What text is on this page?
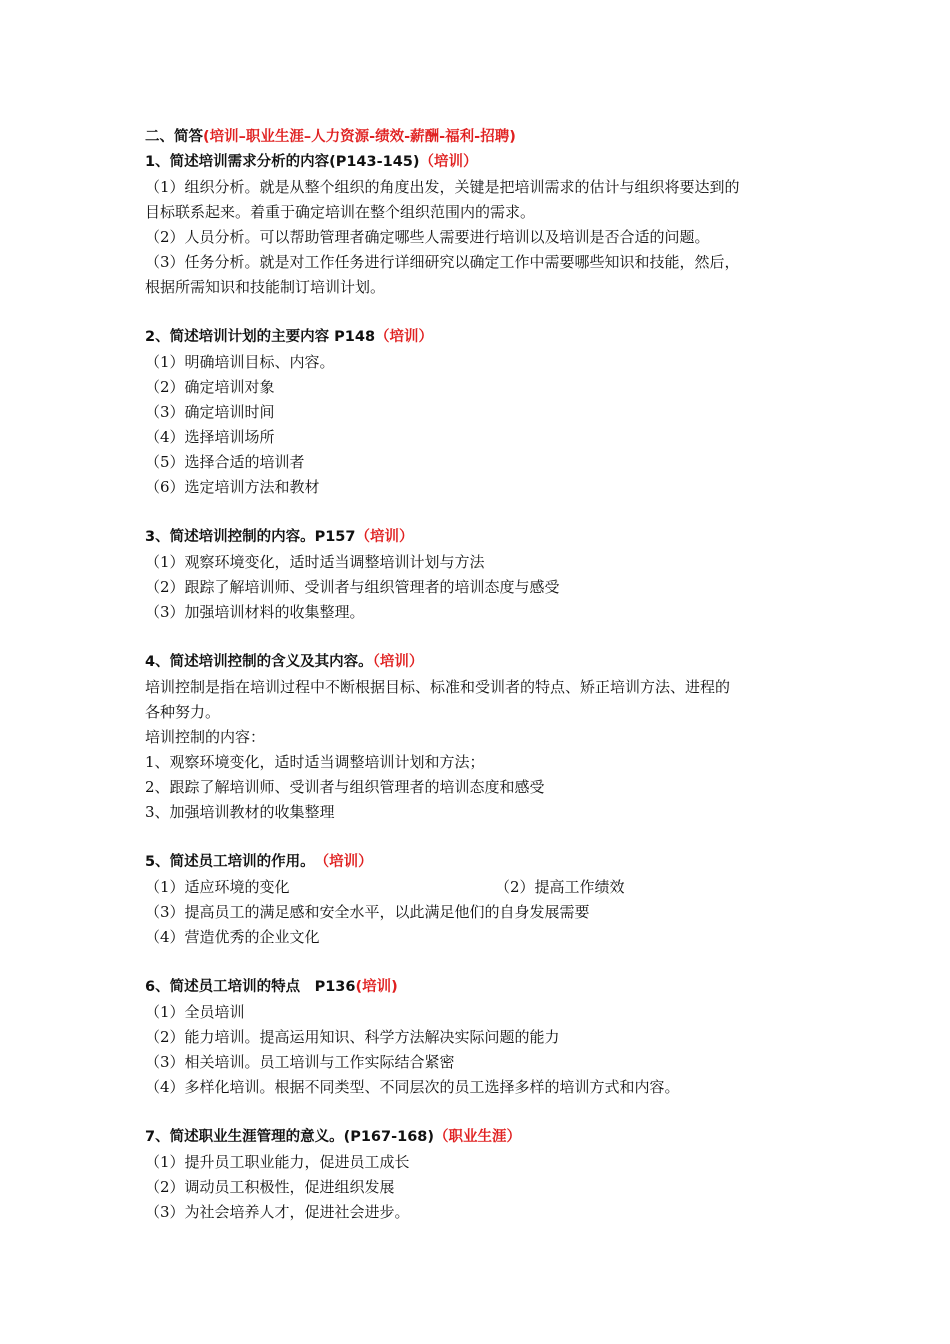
二、简答(培训–职业生涯–人力资源-绩效-薪酬-福利-招聘)
1、简述培训需求分析的内容(P143-145)（培训）
（1）组织分析。就是从整个组织的角度出发，关键是把培训需求的估计与组织将要达到的
目标联系起来。着重于确定培训在整个组织范围内的需求。
（2）人员分析。可以帮助管理者确定哪些人需要进行培训以及培训是否合适的问题。
（3）任务分析。就是对工作任务进行详细研究以确定工作中需要哪些知识和技能，然后，
根据所需知识和技能制订培训计划。
2、简述培训计划的主要内容 P148（培训）
（1）明确培训目标、内容。
（2）确定培训对象
（3）确定培训时间
（4）选择培训场所
（5）选择合适的培训者
（6）选定培训方法和教材
3、简述培训控制的内容。P157（培训）
（1）观察环境变化，适时适当调整培训计划与方法
（2）跟踪了解培训师、受训者与组织管理者的培训态度与感受
（3）加强培训材料的收集整理。
4、简述培训控制的含义及其内容。（培训）
培训控制是指在培训过程中不断根据目标、标准和受训者的特点、矫正培训方法、进程的
各种努力。
培训控制的内容：
1、观察环境变化，适时适当调整培训计划和方法；
2、跟踪了解培训师、受训者与组织管理者的培训态度和感受
3、加强培训教材的收集整理
5、简述员工培训的作用。　 （培训）
（1）适应环境的变化	（2）提高工作绩效
（3）提高员工的满足感和安全水平，以此满足他们的自身发展需要
（4）营造优秀的企业文化
6、简述员工培训的特点　P136(培训)
（1）全员培训
（2）能力培训。提高运用知识、科学方法解决实际问题的能力
（3）相关培训。员工培训与工作实际结合紧密
（4）多样化培训。根据不同类型、不同层次的员工选择多样的培训方式和内容。
7、简述职业生涯管理的意义。(P167-168)（职业生涯）
（1）提升员工职业能力，促进员工成长
（2）调动员工积极性，促进组织发展
（3）为社会培养人才，促进社会进步。
